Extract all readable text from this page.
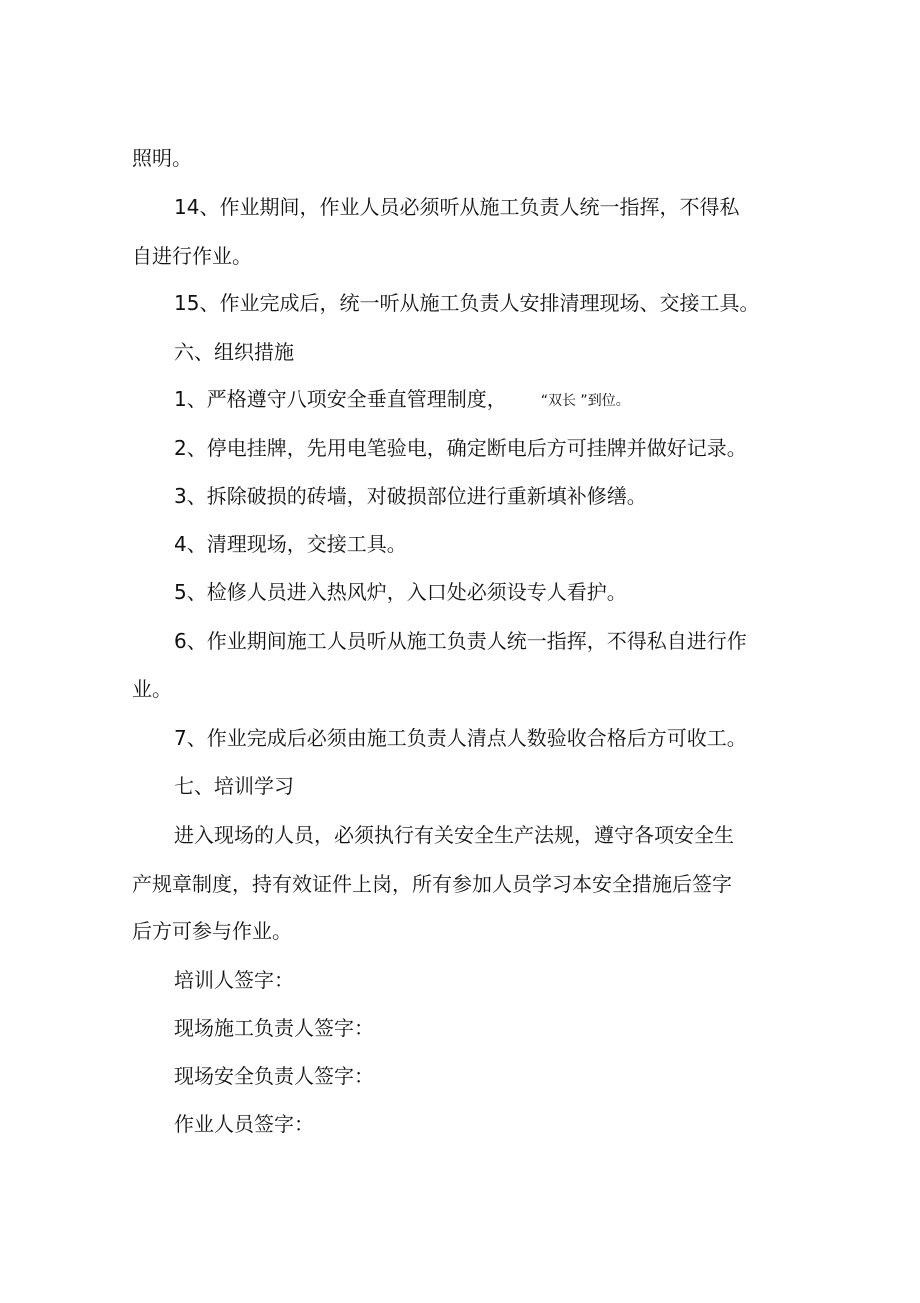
照明。

14、作业期间，作业人员必须听从施工负责人统一指挥，不得私

自进行作业。

15、作业完成后，统一听从施工负责人安排清理现场、交接工具。

六、组织措施

1、严格遵守八项安全垂直管理制度， “双长 ”到位。

2、停电挂牌，先用电笔验电，确定断电后方可挂牌并做好记录。

3、拆除破损的砖墙，对破损部位进行重新填补修缮。

4、清理现场，交接工具。

5、检修人员进入热风炉，入口处必须设专人看护。

6、作业期间施工人员听从施工负责人统一指挥，不得私自进行作

业。

7、作业完成后必须由施工负责人清点人数验收合格后方可收工。

七、培训学习

进入现场的人员，必须执行有关安全生产法规，遵守各项安全生

产规章制度，持有效证件上岗，所有参加人员学习本安全措施后签字

后方可参与作业。

培训人签字：

现场施工负责人签字：

现场安全负责人签字：

作业人员签字：
